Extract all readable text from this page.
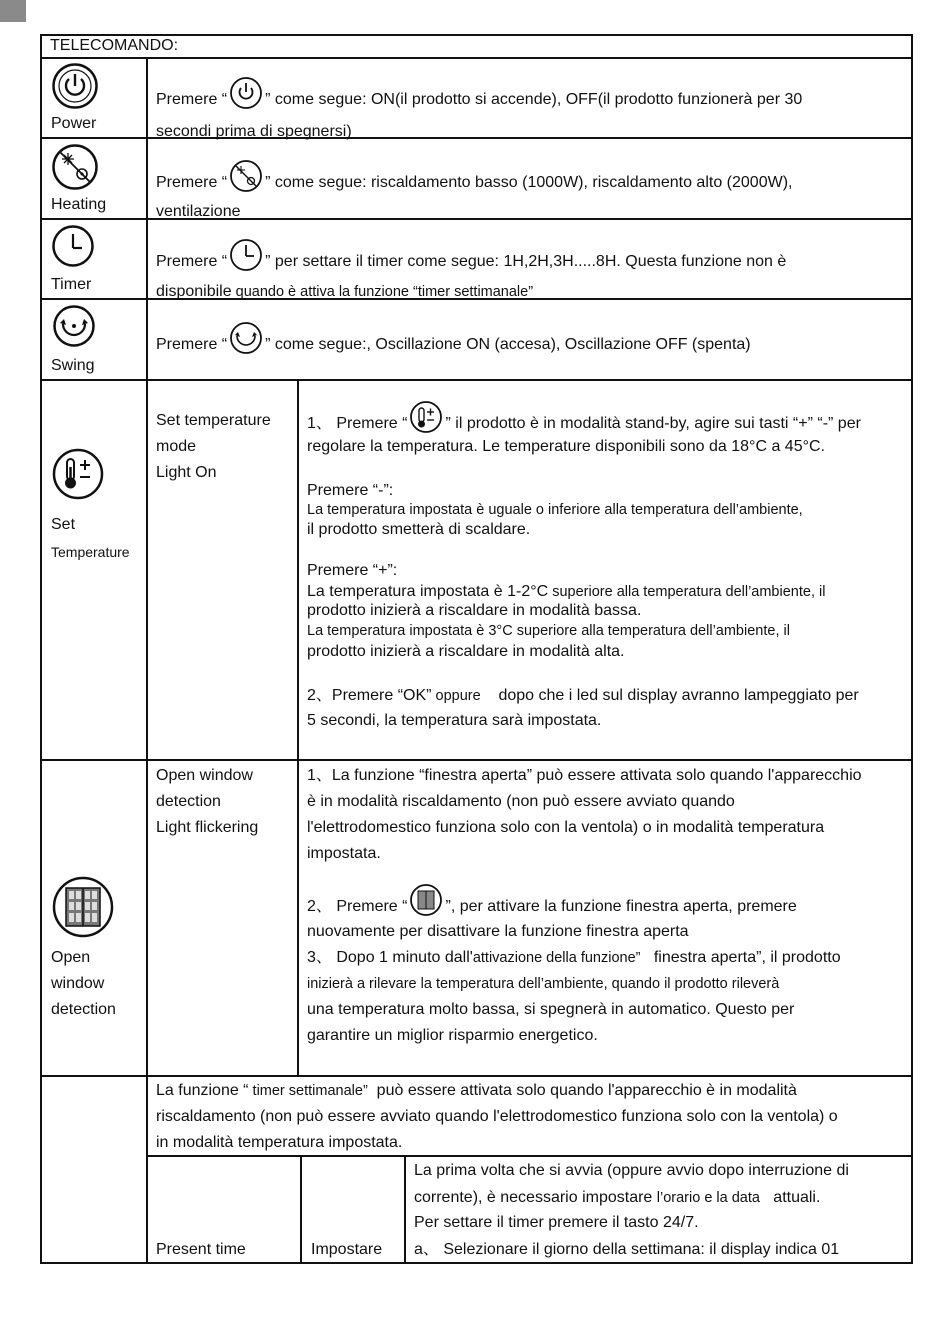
TELECOMANDO:
Power
Premere “ ” come segue: ON(il prodotto si accende), OFF(il prodotto funzionerà per 30
secondi prima di spegnersi)
Heating
Premere “ ” come segue: riscaldamento basso (1000W), riscaldamento alto (2000W),
ventilazione
Timer
Premere “ ” per settare il timer come segue: 1H,2H,3H.....8H. Questa funzione non è
disponibile quando è attiva la funzione “timer settimanale”
Swing
Premere “ ” come segue:, Oscillazione ON (accesa), Oscillazione OFF (spenta)
Set
Temperature
Set temperature
mode
Light On
1、 Premere “ ” il prodotto è in modalità stand-by, agire sui tasti “+” “-” per
regolare la temperatura. Le temperature disponibili sono da 18°C a 45°C.
Premere “-”:
La temperatura impostata è uguale o inferiore alla temperatura dell’ambiente,
il prodotto smetterà di scaldare.
Premere “+”:
La temperatura impostata è 1-2°C superiore alla temperatura dell’ambiente, il
prodotto inizierà a riscaldare in modalità bassa.
La temperatura impostata è 3°C superiore alla temperatura dell’ambiente, il
prodotto inizierà a riscaldare in modalità alta.
2、Premere “OK” oppure    dopo che i led sul display avranno lampeggiato per
5 secondi, la temperatura sarà impostata.
Open
window
detection
Open window
detection
Light flickering
1、La funzione “finestra aperta” può essere attivata solo quando l'apparecchio
è in modalità riscaldamento (non può essere avviato quando
l'elettrodomestico funziona solo con la ventola) o in modalità temperatura
impostata.
2、 Premere “ ”, per attivare la funzione finestra aperta, premere
nuovamente per disattivare la funzione finestra aperta
3、 Dopo 1 minuto dall'attivazione della funzione”   finestra aperta”, il prodotto
inizierà a rilevare la temperatura dell’ambiente, quando il prodotto rileverà
una temperatura molto bassa, si spegnerà in automatico. Questo per
garantire un miglior risparmio energetico.
La funzione “ timer settimanale”  può essere attivata solo quando l'apparecchio è in modalità
riscaldamento (non può essere avviato quando l'elettrodomestico funziona solo con la ventola) o
in modalità temperatura impostata.
Present time	Impostare
La prima volta che si avvia (oppure avvio dopo interruzione di
corrente), è necessario impostare l’orario e la data   attuali.
Per settare il timer premere il tasto 24/7.
a、 Selezionare il giorno della settimana: il display indica 01
